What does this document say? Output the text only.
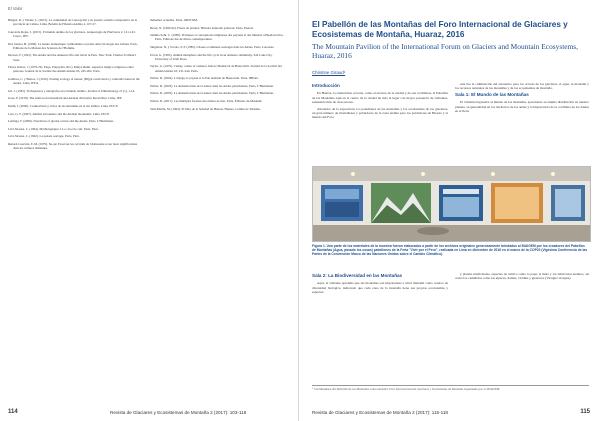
El Valor

Bingen, R. y Valdez, L. (2015). La comunidad de Concepción y su pasado: estudio comparativo en la provincia de Cañete, Lima. Boletín de Historia Andina 4, 107-27.

Cauvarde Rojas, J. (2015). El mundo andino de los glaciares. Arqueología de Pluriversa 2, 121-143. Cusco, IFN.

Dos Santos, B. (1996). La nature domestique: symbolisme et praxis dans l'écologie des Achuar. Paris, Éditions de la Maison des Sciences de l'Homme.

Drewes, F. (1991). The Andes and the Amazon: life and travel in Peru. New York, Charles Scribner's Sons.

Flores Ochoa, J. (1979-76). Enqa, Enqaychu, Illa y Khuya Rumi. Aspectos mágico religiosos entre pastores. Journal de la Société des Américanistes 63, 245-262. Paris.

Gamboa, C. y Bastos, J. (2016). Feeling ecology of nature: (Hi)gn convivencia y contradicciones in the Andes. Lima, IFEA.

Gil, J. (1981). Trabajadores y etnógrafos en el mundo andino. Journal of Ethnobiology 21 (1), 1-14.

Gose, P. (2018). The semi-social mountain and Andean discursive hierarchies. Lima, IEP.

Izumi, I. (2000). Cosmovisión y ciclos de las montañas en el sur andino. Lima, PUCP.

Lara, G. F. (2007). Animal encounters and the Andean mountains. Lima, PUCP.

Lettinga, F. (2009). Narratives of glacier retreat and the Andes. Paris, L'Harmattan.

Lévi-Strauss, C. (1964). Mythologiques I. Le cru et le cuit. Paris, Plon.

Lévi-Strauss, C. (1962). La pensée sauvage. Paris, Plon.

Renard-Casevitz, F.-M. (1979). Su-qu: Essai sur les cervidés de l'Amazonie et sur leurs significations dans les cultures indiennes.

indiennes actuelles. Paris, ORSTOM.

Revel, N. (1990-92). Fleurs de paroles: Histoire naturelle palawan. Paris, Peeters.

Sahlins-Sohr, C. (1985). Pratiques et conceptions religieuses des paysans et des mineurs à Huancavelica. Paris, Editions des Archives contemporaines.

Singleton, N. y Tovalo, P. P. (1985). Chasse et animaux sauvages dans les Andes. Paris, Larousse.

Urton, G. (1985). Animal metaphors and the life cycle in an Andean community. Salt Lake City, University of Utah Press.

Taylor, G. (1976). Camay, camac et camasca dans le Manuscrit de Huarochirí. Journal de la Société des Américanistes 63, 231-244. Paris.

Walter, D. (2002). L'alpaga, le paysan et le Pan national de Huascarán. Paris, IHEAL.

Walter, D. (2003). La domestication de la nature dans les Andes péruviennes. Paris, L'Harmattan.

Walter, D. (2005). La domestication de la nature dans les Andes péruviennes. Paris, L'Harmattan.

Walter, D. (2017). Les multiples facettes des étoiles de mer. Paris, Éditions du Muséum.

Sam-Martin, M. (1993). El libro de la Soledad de Huaraz. Huaraz, Comité de Turismo.

114	Revista de Glaciares y Ecosistemas de Montaña 2 (2017): 103-118
El Pabellón de las Montañas del Foro Internacional de Glaciares y Ecosistemas de Montaña, Huaraz, 2016
The Mountain Pavilion of the International Forum on Glaciers and Mountain Ecosystems, Huaraz, 2016
Christine Giraud¹
Introducción

En Huaraz, la ciudad más cercana, como el alcance de la ciudad y de sus cordilleras, el Pabellón de las Montañas aquí en el centro de la ciudad ha sido el lugar con mayor presencia de visitantes, reuniendo más de cien actores.

Alrededor de la exposición, los pabellones de las montañas y los ecosistemas de los glaciares, un gran número de montañeses y pobladores de la zona andina para los pobladores de Huaraz y el mundo del Foro.

esta fue la culminación del encuentro para los actores de los glaciares, el agua, la montaña y los recursos naturales de las montañas y de los ecosistemas de montaña.

Sala 1: El Mundo de las Montañas

El visitante ingresaba al mundo de las montañas, apreciando su amplia distribución en nuestro planeta, su generalidad en los territorios de los andes y la importancia de la cordillera de los Andes en el Perú.

Figura 1. Una parte de los materiales de la muestra fueron elaborados a partir de los archivos originales generosamente brindados al INAIGEM por los creadores del Pabellón de Montañas (Agua, pasado los cosas) pabellones de la Feria "Vivir por el Perú", realizada en Lima en diciembre de 2016 en el marco de la COP20 (Vigésima Conferencia de las Partes de la Convención Marco de las Naciones Unidas sobre el Cambio Climático).
Sala 2: La Biodiversidad en las Montañas

Aquí, el visitante aprendía que las montañas son importantes a nivel mundial como centros de diversidad biológica, indicando que cada zona de la montaña tiene sus propios ecosistemas y especies.

y plantas medicinales, especies de cultivo como la papa, el maíz y los tubérculos andinos, así como los camélidos como las alpacas, llamas, vicuñas y guanacos (Vicugna vicugna).

¹ Coordinadora del Pabellón de las Montañas como miembro Foro Internacional de Glaciares y Ecosistemas de Montaña organizado por el INAIGEM.
Revista de Glaciares y Ecosistemas de Montaña 2 (2017): 115-118	115
